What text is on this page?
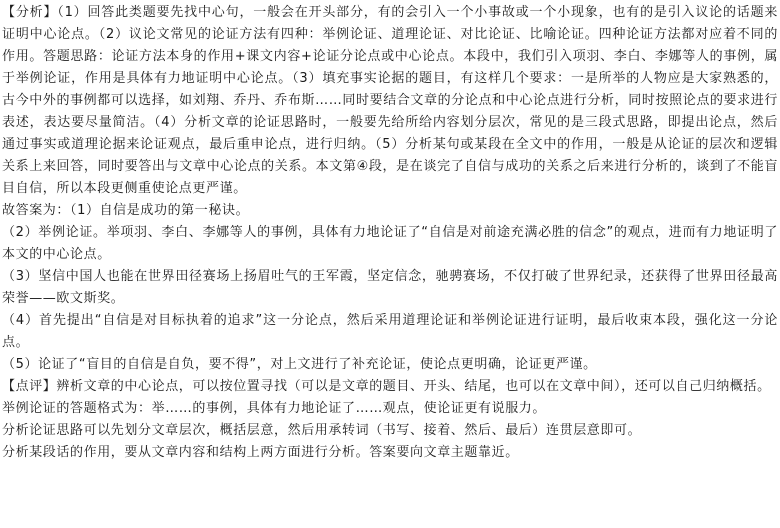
【分析】（1）回答此类题要先找中心句，一般会在开头部分，有的会引入一个小事故或一个小现象，也有的是引入议论的话题来证明中心论点。（2）议论文常见的论证方法有四种：举例论证、道理论证、对比论证、比喻论证。四种论证方法都对应着不同的作用。答题思路：论证方法本身的作用+课文内容+论证分论点或中心论点。本段中，我们引入项羽、李白、李娜等人的事例，属于举例论证，作用是具体有力地证明中心论点。（3）填充事实论据的题目，有这样几个要求：一是所举的人物应是大家熟悉的，古今中外的事例都可以选择，如刘翔、乔丹、乔布斯……同时要结合文章的分论点和中心论点进行分析，同时按照论点的要求进行表述，表达要尽量简洁。（4）分析文章的论证思路时，一般要先给所给内容划分层次，常见的是三段式思路，即提出论点，然后通过事实或道理论据来论证观点，最后重申论点，进行归纳。（5）分析某句或某段在全文中的作用，一般是从论证的层次和逻辑关系上来回答，同时要答出与文章中心论点的关系。本文第④段，是在谈完了自信与成功的关系之后来进行分析的，谈到了不能盲目自信，所以本段更侧重使论点更严谨。

故答案为：（1）自信是成功的第一秘诀。

（2）举例论证。举项羽、李白、李娜等人的事例，具体有力地论证了“自信是对前途充满必胜的信念”的观点，进而有力地证明了本文的中心论点。

（3）坚信中国人也能在世界田径赛场上扬眉吐气的王军霞，坚定信念，驰骋赛场，不仅打破了世界纪录，还获得了世界田径最高荣誉——欧文斯奖。

（4）首先提出“自信是对目标执着的追求”这一分论点，然后采用道理论证和举例论证进行证明，最后收束本段，强化这一分论点。

（5）论证了“盲目的自信是自负，要不得”，对上文进行了补充论证，使论点更明确，论证更严谨。

【点评】辨析文章的中心论点，可以按位置寻找（可以是文章的题目、开头、结尾，也可以在文章中间），还可以自己归纳概括。

举例论证的答题格式为：举……的事例，具体有力地论证了……观点，使论证更有说服力。

分析论证思路可以先划分文章层次，概括层意，然后用承转词（书写、接着、然后、最后）连贯层意即可。

分析某段话的作用，要从文章内容和结构上两方面进行分析。答案要向文章主题靠近。
